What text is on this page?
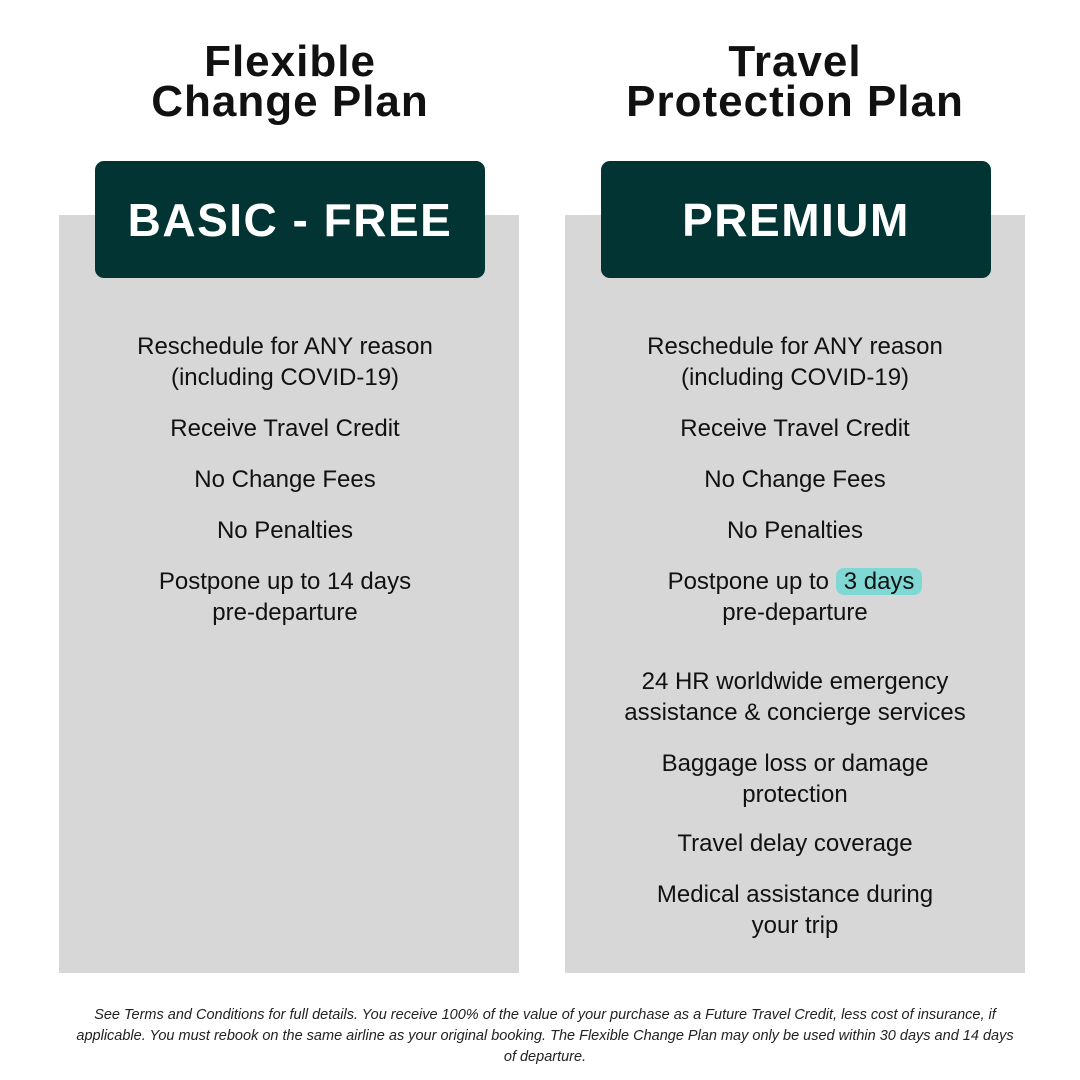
Flexible
Change Plan
Travel
Protection Plan
BASIC - FREE	PREMIUM
Reschedule for ANY reason
(including COVID-19)
Receive Travel Credit
No Change Fees
No Penalties
Postpone up to 14 days
pre-departure
Reschedule for ANY reason
(including COVID-19)
Receive Travel Credit
No Change Fees
No Penalties
Postpone up to 3 days
pre-departure
24 HR worldwide emergency
assistance & concierge services
Baggage loss or damage
protection
Travel delay coverage
Medical assistance during
your trip
See Terms and Conditions for full details. You receive 100% of the value of your purchase as a Future Travel Credit, less cost of insurance, if applicable. You must rebook on the same airline as your original booking. The Flexible Change Plan may only be used within 30 days and 14 days of departure.
